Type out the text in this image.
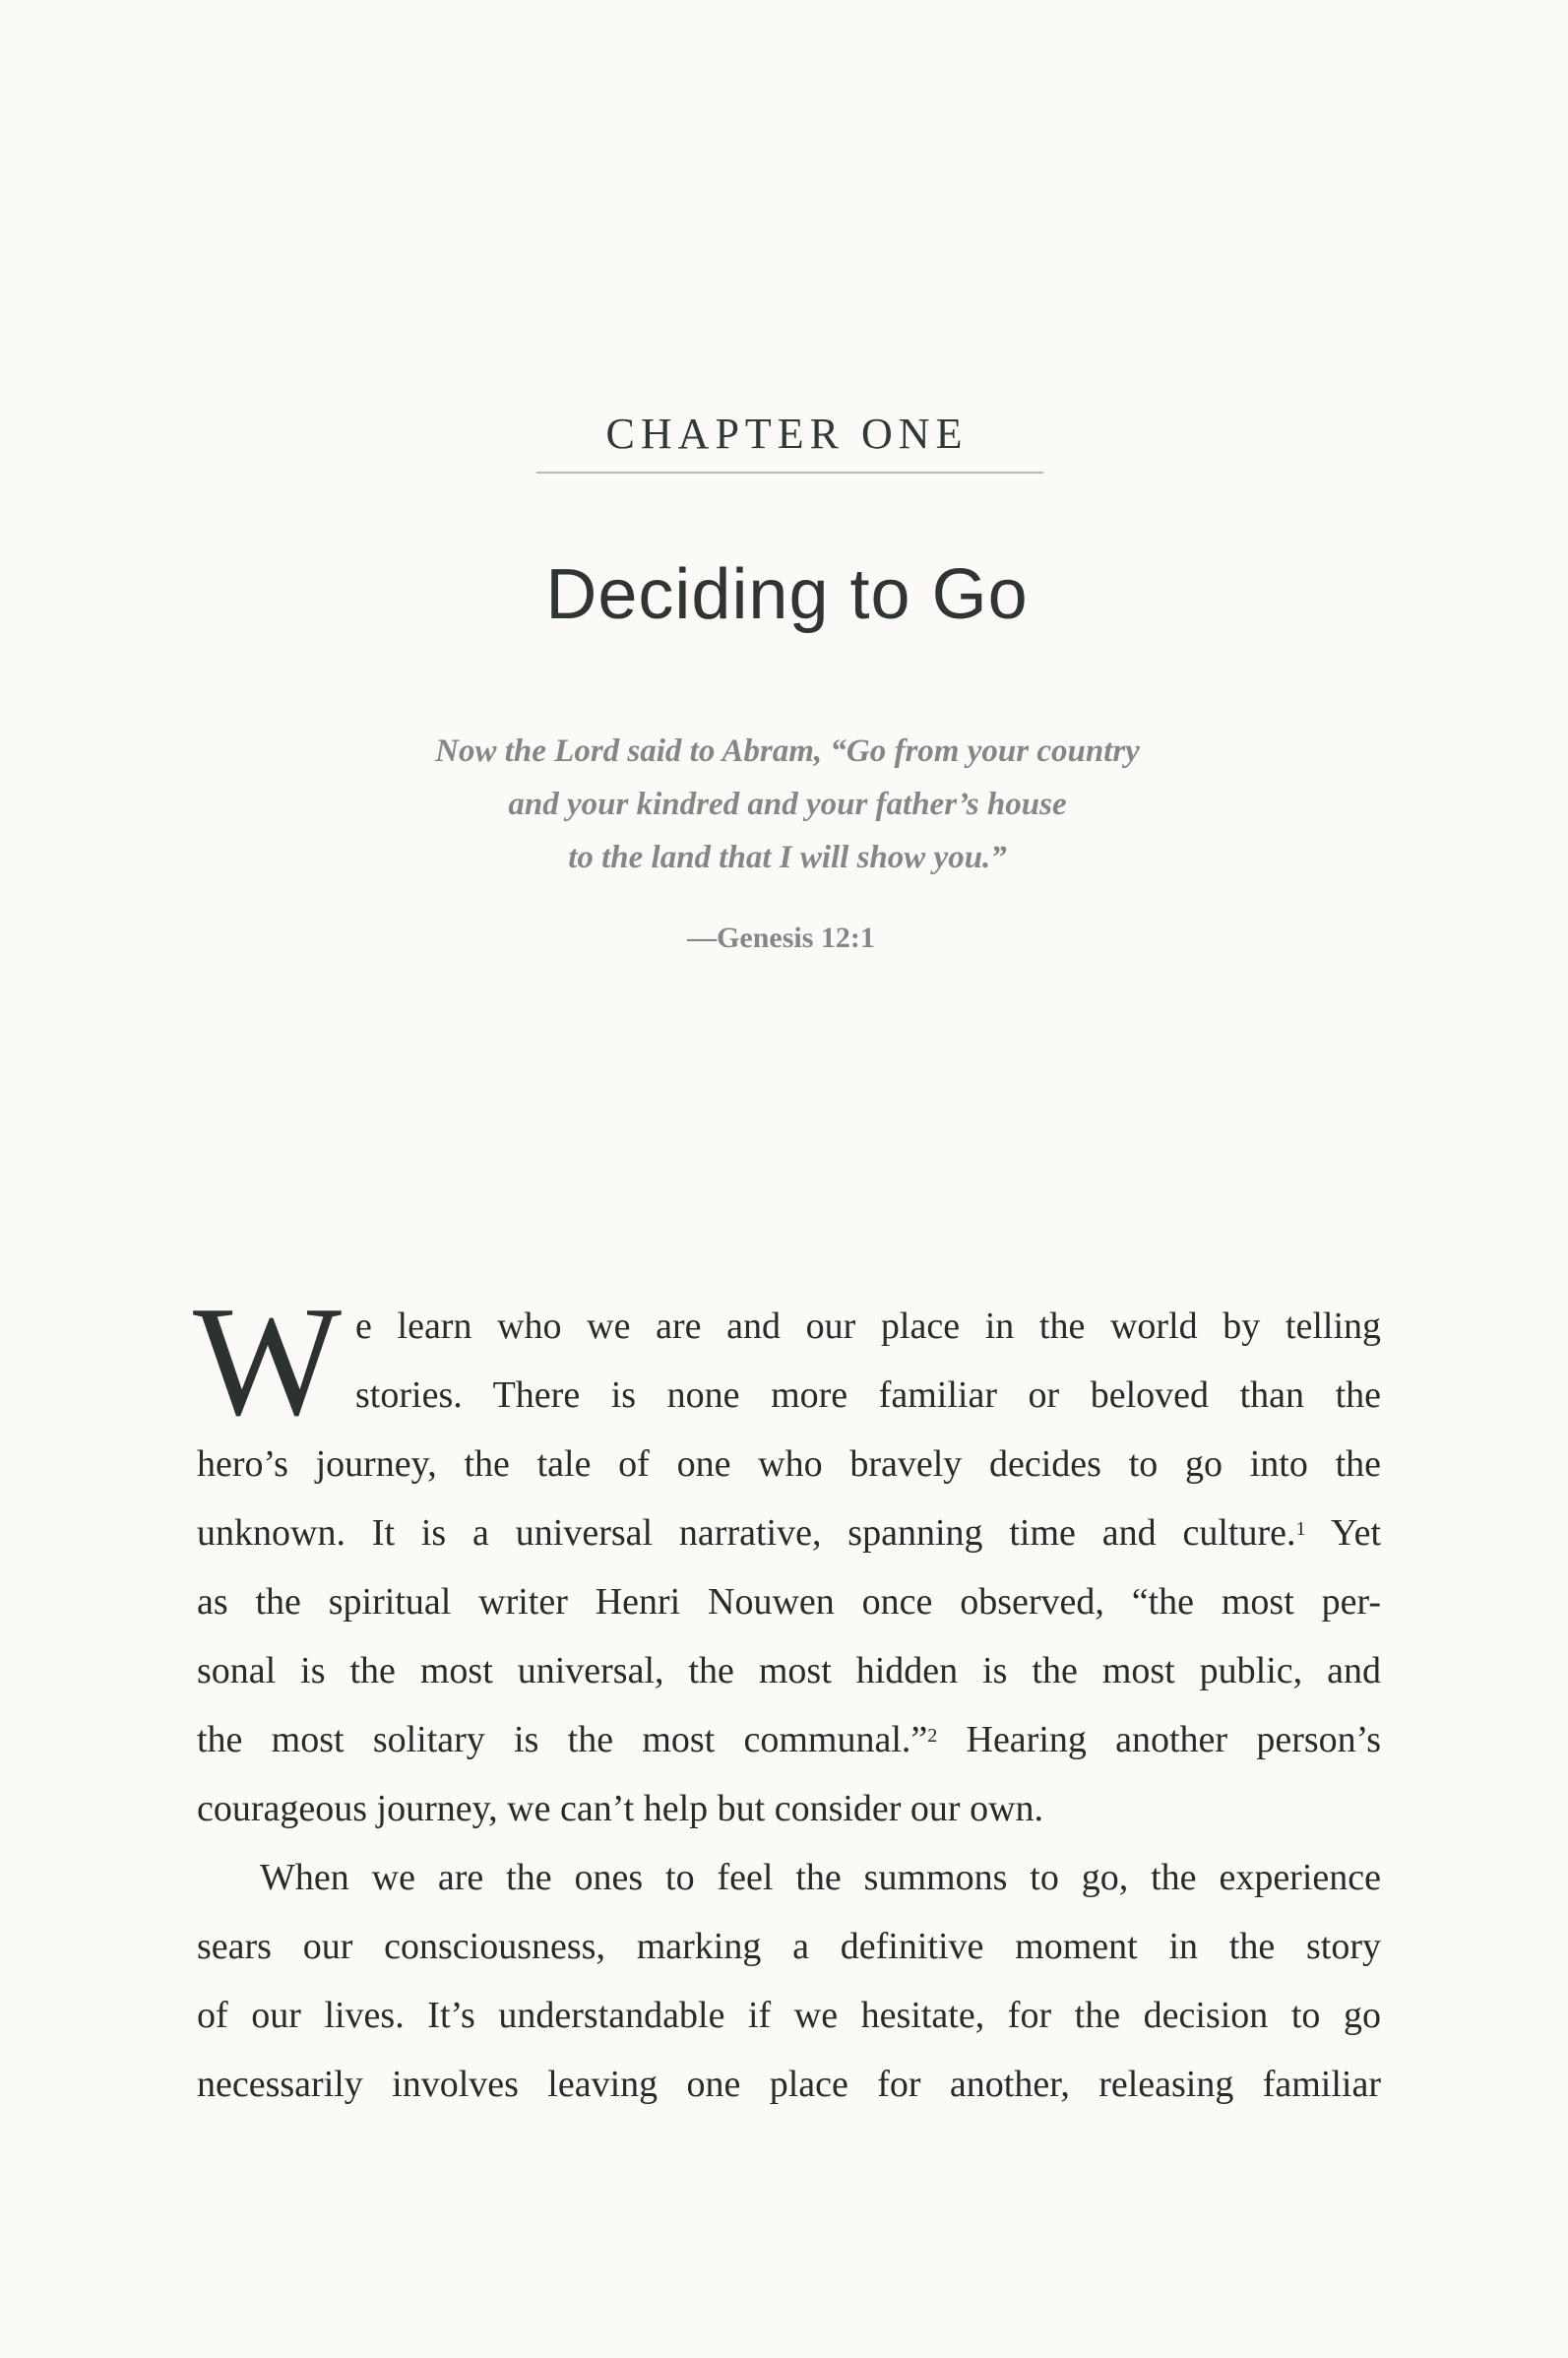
CHAPTER ONE
Deciding to Go
Now the Lord said to Abram, “Go from your country
and your kindred and your father’s house
to the land that I will show you.”
—Genesis 12:1
W e learn who we are and our place in the world by telling
stories. There is none more familiar or beloved than the
hero’s journey, the tale of one who bravely decides to go into the
unknown. It is a universal narrative, spanning time and culture.$^1$ Yet
as the spiritual writer Henri Nouwen once observed, “the most per-
sonal is the most universal, the most hidden is the most public, and
the most solitary is the most communal.”$^2$ Hearing another person’s
courageous journey, we can’t help but consider our own.
When we are the ones to feel the summons to go, the experience
sears our consciousness, marking a definitive moment in the story
of our lives. It’s understandable if we hesitate, for the decision to go
necessarily involves leaving one place for another, releasing familiar
